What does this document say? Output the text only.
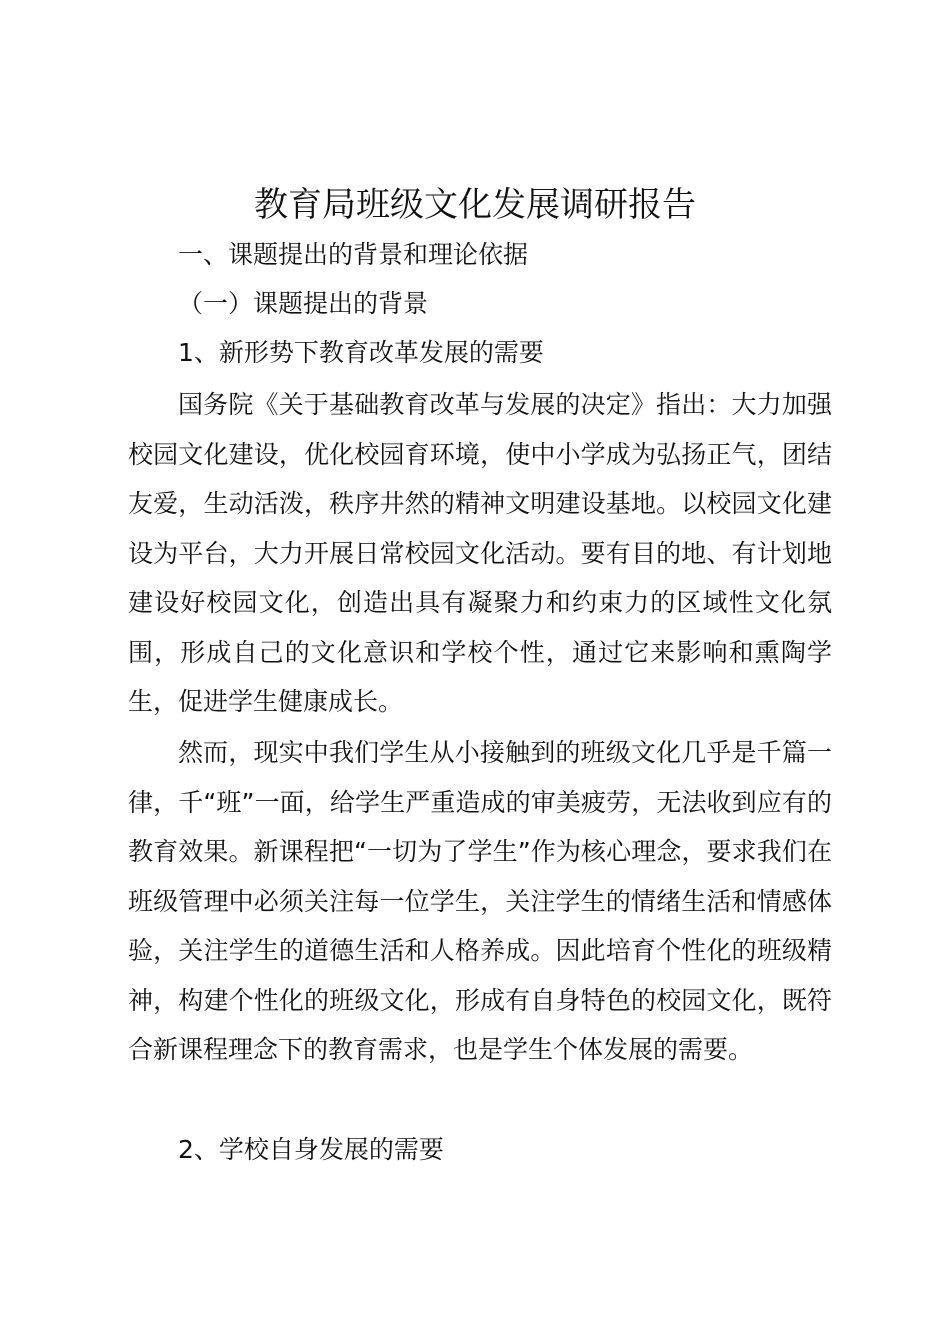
教育局班级文化发展调研报告
一、课题提出的背景和理论依据
（一）课题提出的背景
1、新形势下教育改革发展的需要

国务院《关于基础教育改革与发展的决定》指出：大力加强校园文化建设，优化校园育环境，使中小学成为弘扬正气，团结友爱，生动活泼，秩序井然的精神文明建设基地。以校园文化建设为平台，大力开展日常校园文化活动。要有目的地、有计划地建设好校园文化，创造出具有凝聚力和约束力的区域性文化氛围，形成自己的文化意识和学校个性，通过它来影响和熏陶学生，促进学生健康成长。

然而，现实中我们学生从小接触到的班级文化几乎是千篇一律，千“班”一面，给学生严重造成的审美疲劳，无法收到应有的教育效果。新课程把“一切为了学生”作为核心理念，要求我们在班级管理中必须关注每一位学生，关注学生的情绪生活和情感体验，关注学生的道德生活和人格养成。因此培育个性化的班级精神，构建个性化的班级文化，形成有自身特色的校园文化，既符合新课程理念下的教育需求，也是学生个体发展的需要。

2、学校自身发展的需要
